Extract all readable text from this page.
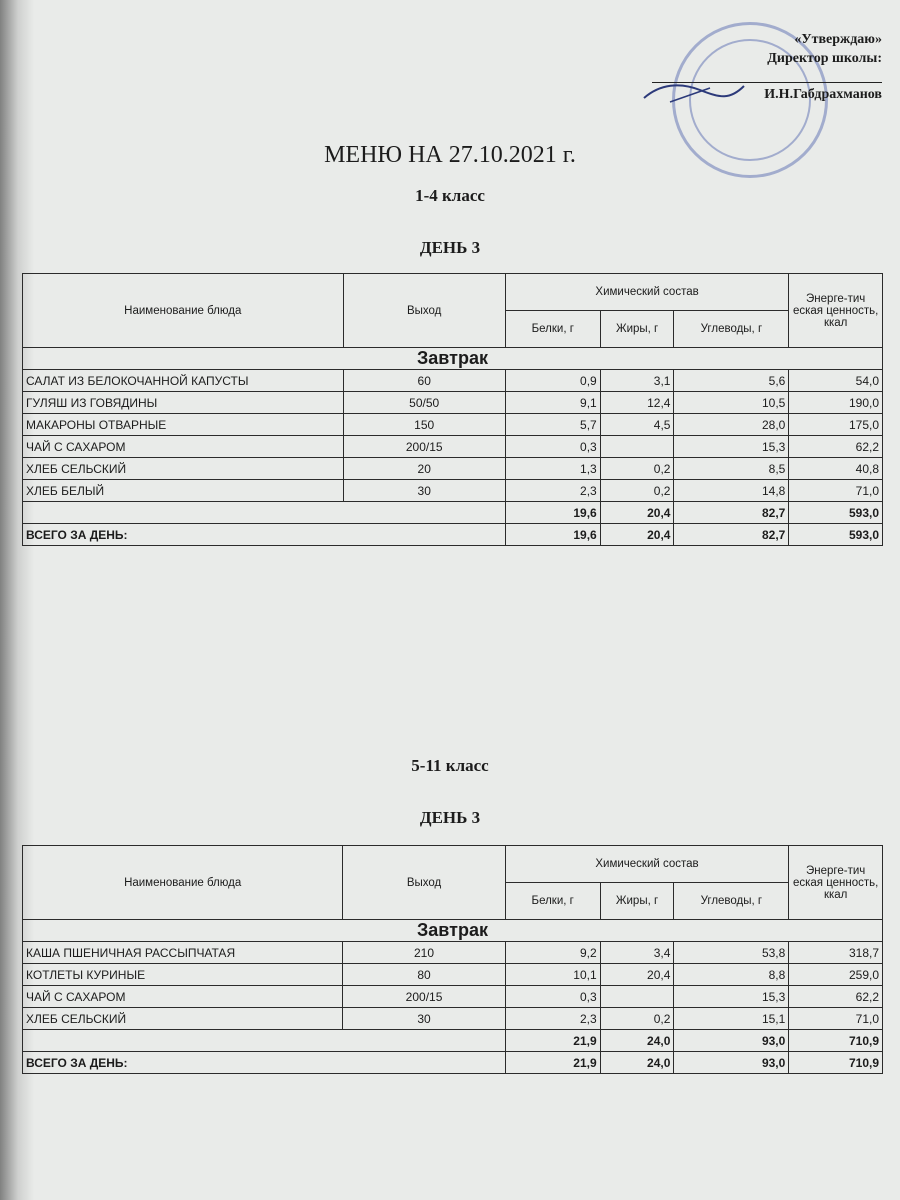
«Утверждаю»
Директор школы:
И.Н.Габдрахманов
МЕНЮ НА 27.10.2021 г.
1-4 класс
ДЕНЬ 3
Наименование блюда	Выход	Химический состав			Энерге-тич еская ценность, ккал
		Белки, г	Жиры, г	Углеводы, г	
Завтрак					
САЛАТ ИЗ БЕЛОКОЧАННОЙ КАПУСТЫ	60	0,9	3,1	5,6	54,0
ГУЛЯШ ИЗ ГОВЯДИНЫ	50/50	9,1	12,4	10,5	190,0
МАКАРОНЫ ОТВАРНЫЕ	150	5,7	4,5	28,0	175,0
ЧАЙ С САХАРОМ	200/15	0,3		15,3	62,2
ХЛЕБ СЕЛЬСКИЙ	20	1,3	0,2	8,5	40,8
ХЛЕБ БЕЛЫЙ	30	2,3	0,2	14,8	71,0
		19,6	20,4	82,7	593,0
ВСЕГО ЗА ДЕНЬ:		19,6	20,4	82,7	593,0
5-11 класс
ДЕНЬ 3
Наименование блюда	Выход	Химический состав			Энерге-тич еская ценность, ккал
		Белки, г	Жиры, г	Углеводы, г	
Завтрак					
КАША ПШЕНИЧНАЯ РАССЫПЧАТАЯ	210	9,2	3,4	53,8	318,7
КОТЛЕТЫ КУРИНЫЕ	80	10,1	20,4	8,8	259,0
ЧАЙ С САХАРОМ	200/15	0,3		15,3	62,2
ХЛЕБ СЕЛЬСКИЙ	30	2,3	0,2	15,1	71,0
		21,9	24,0	93,0	710,9
ВСЕГО ЗА ДЕНЬ:		21,9	24,0	93,0	710,9
